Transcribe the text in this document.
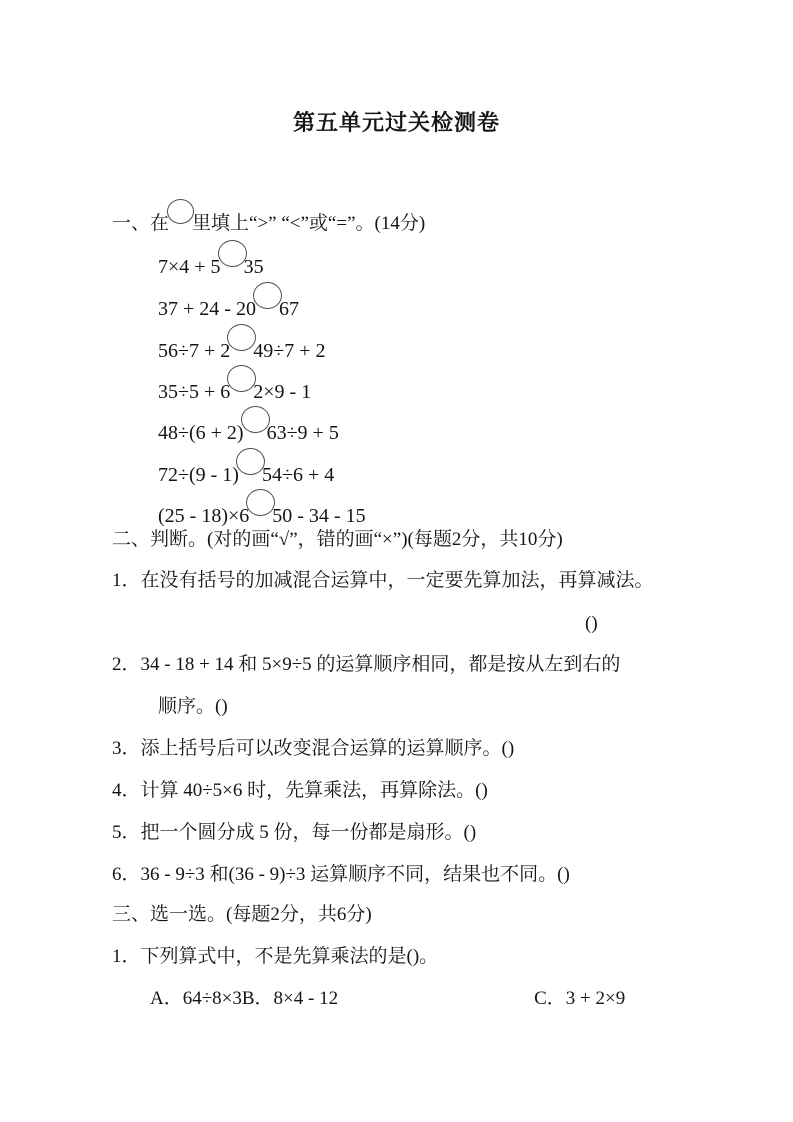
第五单元过关检测卷
一、在 里填上“>” “<”或“=”。(14分)
7×4 + 5 35
37 + 24 - 20 67
56÷7 + 2 49÷7 + 2
35÷5 + 6 2×9 - 1
48÷(6 + 2) 63÷9 + 5
72÷(9 - 1) 54÷6 + 4
(25 - 18)×6 50 - 34 - 15
二、判断。(对的画“√”，错的画“×”)(每题2分，共10分)
1．在没有括号的加减混合运算中，一定要先算加法，再算减法。
()
2．34 - 18 + 14 和 5×9÷5 的运算顺序相同，都是按从左到右的
顺序。()
3．添上括号后可以改变混合运算的运算顺序。()
4．计算 40÷5×6 时，先算乘法，再算除法。()
5．把一个圆分成 5 份，每一份都是扇形。()
6．36 - 9÷3 和(36 - 9)÷3 运算顺序不同，结果也不同。()
三、选一选。(每题2分，共6分)
1．下列算式中，不是先算乘法的是()。
A．64÷8×3B．8×4 - 12	C．3 + 2×9
